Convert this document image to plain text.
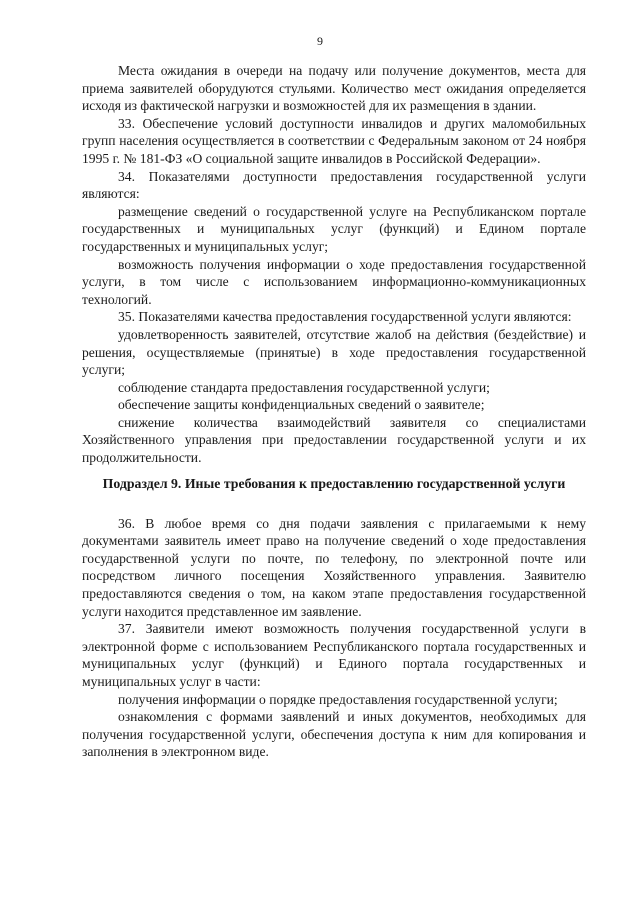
9

Места ожидания в очереди на подачу или получение документов, места для приема заявителей оборудуются стульями. Количество мест ожидания определяется исходя из фактической нагрузки и возможностей для их размещения в здании.

33. Обеспечение условий доступности инвалидов и других маломобильных групп населения осуществляется в соответствии с Федеральным законом от 24 ноября 1995 г. № 181-ФЗ «О социальной защите инвалидов в Российской Федерации».

34. Показателями доступности предоставления государственной услуги являются:

размещение сведений о государственной услуге на Республиканском портале государственных и муниципальных услуг (функций) и Едином портале государственных и муниципальных услуг;

возможность получения информации о ходе предоставления государственной услуги, в том числе с использованием информационно-коммуникационных технологий.

35. Показателями качества предоставления государственной услуги являются:

удовлетворенность заявителей, отсутствие жалоб на действия (бездействие) и решения, осуществляемые (принятые) в ходе предоставления государственной услуги;

соблюдение стандарта предоставления государственной услуги;

обеспечение защиты конфиденциальных сведений о заявителе;

снижение количества взаимодействий заявителя со специалистами Хозяйственного управления при предоставлении государственной услуги и их продолжительности.

Подраздел 9. Иные требования к предоставлению государственной услуги

36. В любое время со дня подачи заявления с прилагаемыми к нему документами заявитель имеет право на получение сведений о ходе предоставления государственной услуги по почте, по телефону, по электронной почте или посредством личного посещения Хозяйственного управления. Заявителю предоставляются сведения о том, на каком этапе предоставления государственной услуги находится представленное им заявление.

37. Заявители имеют возможность получения государственной услуги в электронной форме с использованием Республиканского портала государственных и муниципальных услуг (функций) и Единого портала государственных и муниципальных услуг в части:

получения информации о порядке предоставления государственной услуги;

ознакомления с формами заявлений и иных документов, необходимых для получения государственной услуги, обеспечения доступа к ним для копирования и заполнения в электронном виде.
